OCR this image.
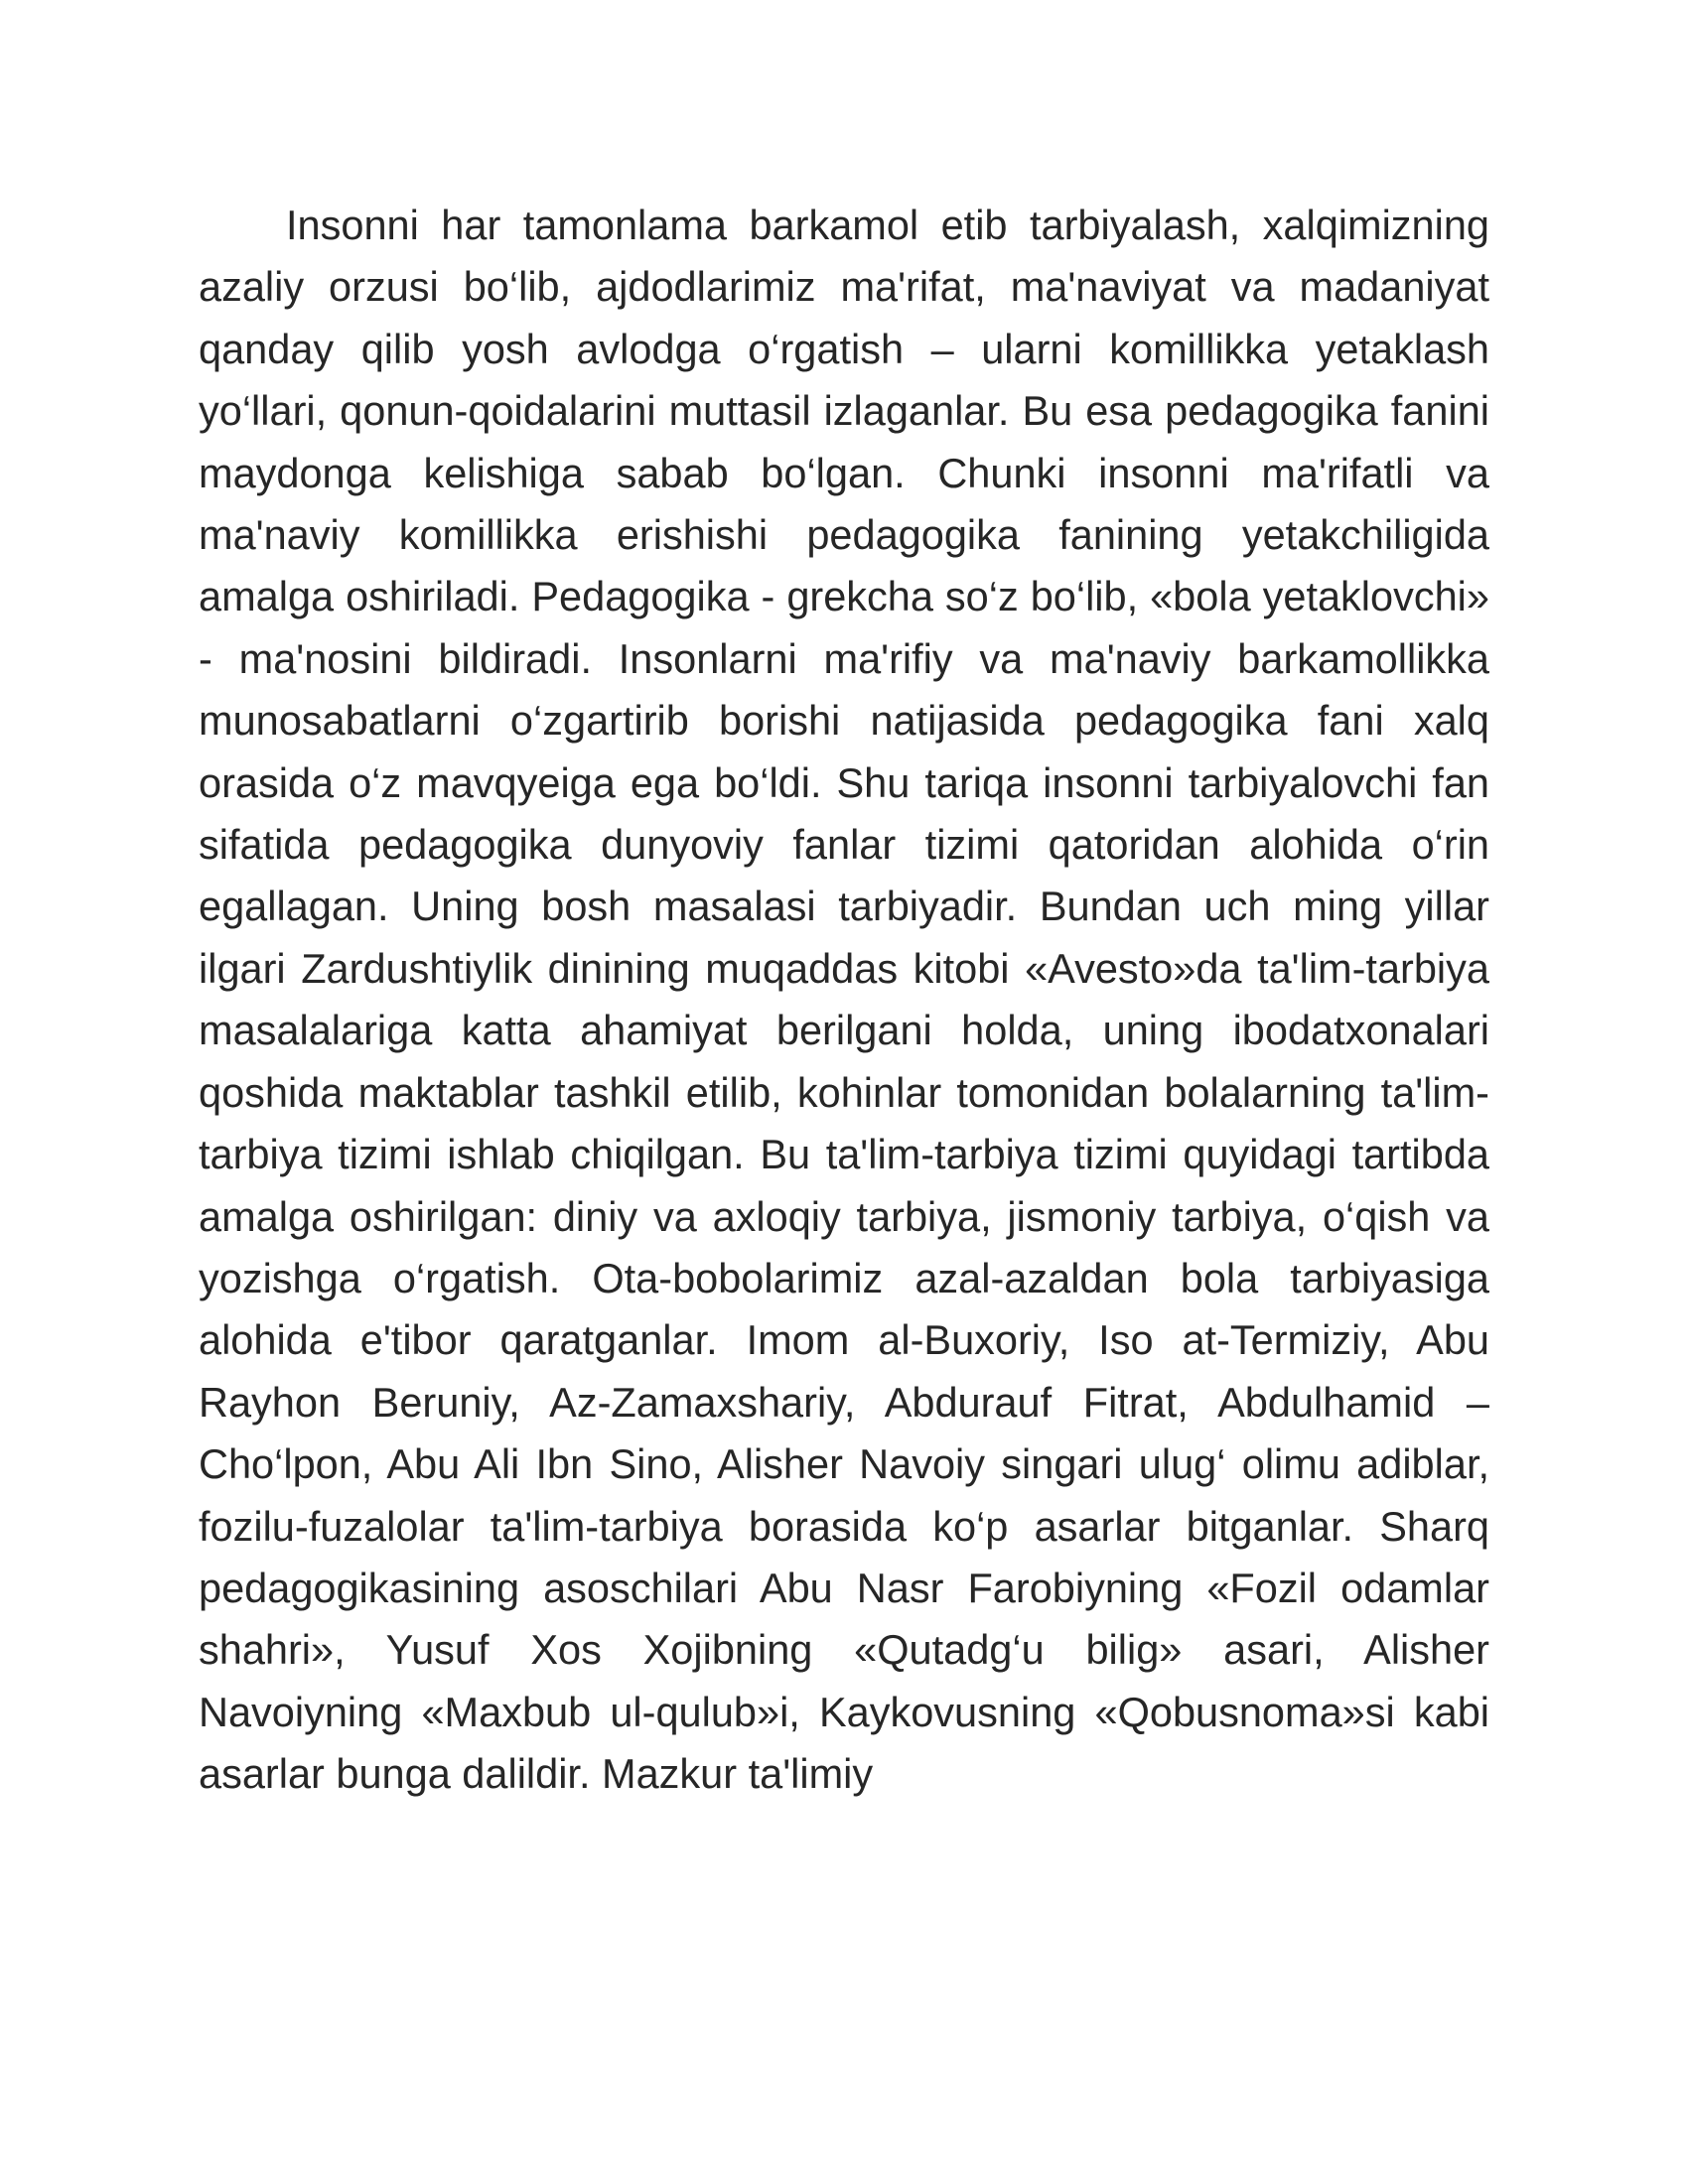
Insonni har tamonlama barkamol etib tarbiyalash, xalqimizning azaliy orzusi bo‘lib, ajdodlarimiz ma'rifat, ma'naviyat va madaniyat qanday qilib yosh avlodga o‘rgatish – ularni komillikka yetaklash yo‘llari, qonun-qoidalarini muttasil izlaganlar. Bu esa pedagogika fanini maydonga kelishiga sabab bo‘lgan. Chunki insonni ma'rifatli va ma'naviy komillikka erishishi pedagogika fanining yetakchiligida amalga oshiriladi. Pedagogika - grekcha so‘z bo‘lib, «bola yetaklovchi» - ma'nosini bildiradi. Insonlarni ma'rifiy va ma'naviy barkamollikka munosabatlarni o‘zgartirib borishi natijasida pedagogika fani xalq orasida o‘z mavqyeiga ega bo‘ldi. Shu tariqa insonni tarbiyalovchi fan sifatida pedagogika dunyoviy fanlar tizimi qatoridan alohida o‘rin egallagan. Uning bosh masalasi tarbiyadir. Bundan uch ming yillar ilgari Zardushtiylik dinining muqaddas kitobi «Avesto»da ta'lim-tarbiya masalalariga katta ahamiyat berilgani holda, uning ibodatxonalari qoshida maktablar tashkil etilib, kohinlar tomonidan bolalarning ta'lim-tarbiya tizimi ishlab chiqilgan. Bu ta'lim-tarbiya tizimi quyidagi tartibda amalga oshirilgan: diniy va axloqiy tarbiya, jismoniy tarbiya, o‘qish va yozishga o‘rgatish. Ota-bobolarimiz azal-azaldan bola tarbiyasiga alohida e'tibor qaratganlar. Imom al-Buxoriy, Iso at-Termiziy, Abu Rayhon Beruniy, Az-Zamaxshariy, Abdurauf Fitrat, Abdulhamid – Cho‘lpon, Abu Ali Ibn Sino, Alisher Navoiy singari ulug‘ olimu adiblar, fozilu-fuzalolar ta'lim-tarbiya borasida ko‘p asarlar bitganlar. Sharq pedagogikasining asoschilari Abu Nasr Farobiyning «Fozil odamlar shahri», Yusuf Xos Xojibning «Qutadg‘u bilig» asari, Alisher Navoiyning «Maxbub ul-qulub»i, Kaykovusning «Qobusnoma»si kabi asarlar bunga dalildir. Mazkur ta'limiy
